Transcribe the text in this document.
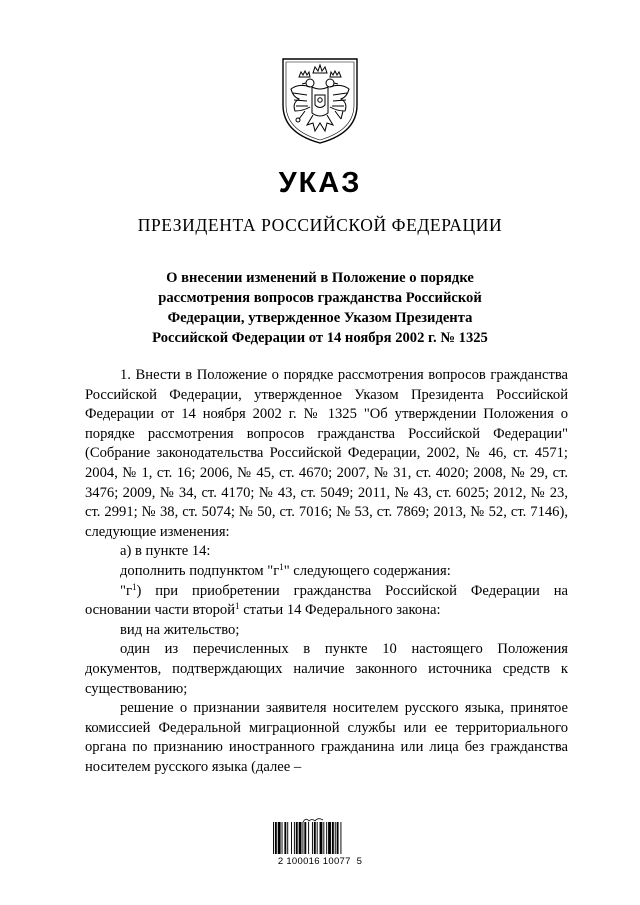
УКАЗ
ПРЕЗИДЕНТА РОССИЙСКОЙ ФЕДЕРАЦИИ
О внесении изменений в Положение о порядке
рассмотрения вопросов гражданства Российской
Федерации, утвержденное Указом Президента
Российской Федерации от 14 ноября 2002 г. № 1325

1. Внести в Положение о порядке рассмотрения вопросов гражданства Российской Федерации, утвержденное Указом Президента Российской Федерации от 14 ноября 2002 г. № 1325 "Об утверждении Положения о порядке рассмотрения вопросов гражданства Российской Федерации" (Собрание законодательства Российской Федерации, 2002, № 46, ст. 4571; 2004, № 1, ст. 16; 2006, № 45, ст. 4670; 2007, № 31, ст. 4020; 2008, № 29, ст. 3476; 2009, № 34, ст. 4170; № 43, ст. 5049; 2011, № 43, ст. 6025; 2012, № 23, ст. 2991; № 38, ст. 5074; № 50, ст. 7016; № 53, ст. 7869; 2013, № 52, ст. 7146), следующие изменения:

а) в пункте 14:

дополнить подпунктом "$г^1$" следующего содержания:

"$г^1$) при приобретении гражданства Российской Федерации на основании части второй$^1$ статьи 14 Федерального закона:

вид на жительство;

один из перечисленных в пункте 10 настоящего Положения документов, подтверждающих наличие законного источника средств к существованию;

решение о признании заявителя носителем русского языка, принятое комиссией Федеральной миграционной службы или ее территориального органа по признанию иностранного гражданина или лица без гражданства носителем русского языка (далее –

2 100016 10077  5
